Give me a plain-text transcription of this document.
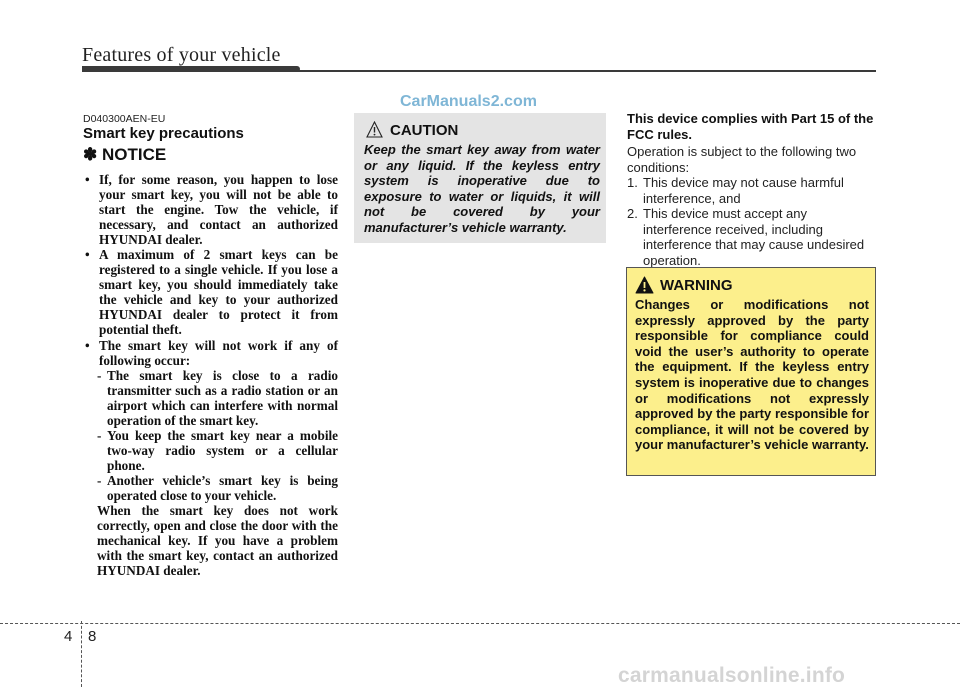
Features of your vehicle
CarManuals2.com
D040300AEN-EU
Smart key precautions
✽ NOTICE

• If, for some reason, you happen to lose your smart key, you will not be able to start the engine. Tow the vehicle, if necessary, and contact an authorized HYUNDAI dealer.

• A maximum of 2 smart keys can be registered to a single vehicle. If you lose a smart key, you should immediately take the vehicle and key to your authorized HYUNDAI dealer to protect it from potential theft.

• The smart key will not work if any of following occur:

- The smart key is close to a radio transmitter such as a radio station or an airport which can interfere with normal operation of the smart key.

- You keep the smart key near a mobile two-way radio system or a cellular phone.

- Another vehicle’s smart key is being operated close to your vehicle.

When the smart key does not work correctly, open and close the door with the mechanical key. If you have a problem with the smart key, contact an authorized HYUNDAI dealer.

CAUTION
Keep the smart key away from water or any liquid. If the keyless entry system is inoperative due to exposure to water or liquids, it will not be covered by your manufacturer’s vehicle warranty.
This device complies with Part 15 of the FCC rules.

Operation is subject to the following two conditions:

1. This device may not cause harmful interference, and

2. This device must accept any interference received, including interference that may cause undesired operation.

WARNING
Changes or modifications not expressly approved by the party responsible for compliance could void the user’s authority to operate the equipment. If the keyless entry system is inoperative due to changes or modifications not expressly approved by the party responsible for compliance, it will not be covered by your manufacturer’s vehicle warranty.
4 8
carmanualsonline.info
